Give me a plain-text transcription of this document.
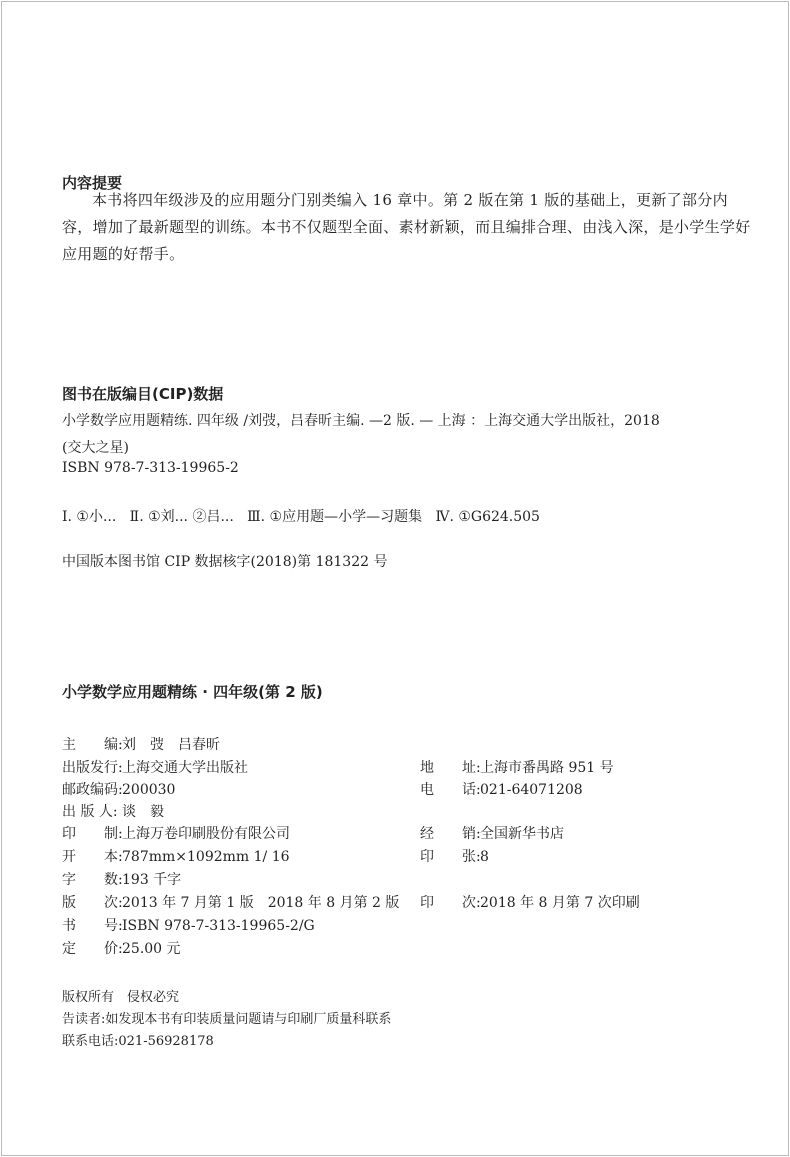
内容提要
本书将四年级涉及的应用题分门别类编入 16 章中。第 2 版在第 1 版的基础上，更新了部分内容，增加了最新题型的训练。本书不仅题型全面、素材新颖，而且编排合理、由浅入深，是小学生学好应用题的好帮手。
图书在版编目(CIP)数据
小学数学应用题精练. 四年级 /刘弢，吕春昕主编. —2 版. — 上海 ：上海交通大学出版社，2018
(交大之星)
ISBN 978-7-313-19965-2
Ⅰ. ①小...   Ⅱ. ①刘... ②吕...   Ⅲ. ①应用题—小学—习题集   Ⅳ. ①G624.505
中国版本图书馆 CIP 数据核字(2018)第 181322 号
小学数学应用题精练 · 四年级(第 2 版)
主　　编:刘　弢　吕春昕
出版发行:上海交通大学出版社
邮政编码:200030
出 版 人: 谈　毅
印　　制:上海万卷印刷股份有限公司
开　　本:787mm×1092mm 1/ 16
字　　数:193 千字
版　　次:2013 年 7 月第 1 版　2018 年 8 月第 2 版
书　　号:ISBN 978-7-313-19965-2/G
定　　价:25.00 元
地　　址:上海市番禺路 951 号
电　　话:021-64071208
经　　销:全国新华书店
印　　张:8
印　　次:2018 年 8 月第 7 次印刷
版权所有　侵权必究
告读者:如发现本书有印装质量问题请与印刷厂质量科联系
联系电话:021-56928178
